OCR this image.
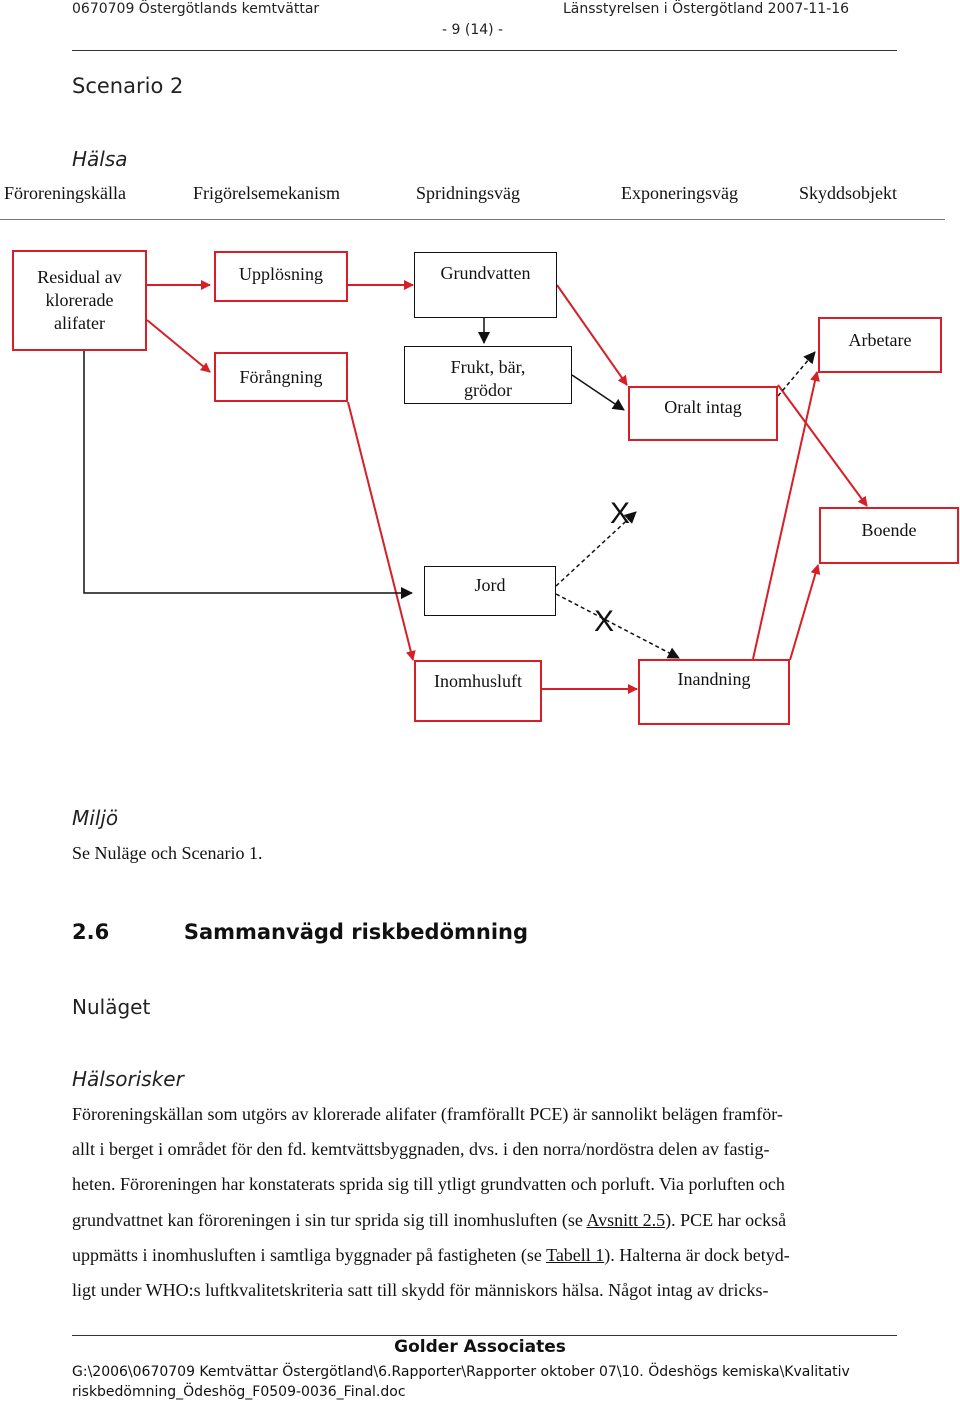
0670709 Östergötlands kemtvättar
- 9 (14) -
Länsstyrelsen i Östergötland 2007-11-16
Scenario 2
Hälsa
Föroreningskälla	Frigörelsemekanism	Spridningsväg	Exponeringsväg	Skyddsobjekt
Residual av
klorerade
alifater
Upplösning
Förångning
Grundvatten
Frukt, bär,
grödor
Oralt intag
Arbetare
Boende
Jord
Inomhusluft	Inandning
X
X
Miljö
Se Nuläge och Scenario 1.
2.6	Sammanvägd riskbedömning
Nuläget
Hälsorisker
Föroreningskällan som utgörs av klorerade alifater (framförallt PCE) är sannolikt belägen framför-
allt i berget i området för den fd. kemtvättsbyggnaden, dvs. i den norra/nordöstra delen av fastig-
heten. Föroreningen har konstaterats sprida sig till ytligt grundvatten och porluft. Via porluften och
grundvattnet kan föroreningen i sin tur sprida sig till inomhusluften (se Avsnitt 2.5). PCE har också
uppmätts i inomhusluften i samtliga byggnader på fastigheten (se Tabell 1). Halterna är dock betyd-
ligt under WHO:s luftkvalitetskriteria satt till skydd för människors hälsa. Något intag av dricks-
Golder Associates
G:\2006\0670709 Kemtvättar Östergötland\6.Rapporter\Rapporter oktober 07\10. Ödeshögs kemiska\Kvalitativ
riskbedömning_Ödeshög_F0509-0036_Final.doc
